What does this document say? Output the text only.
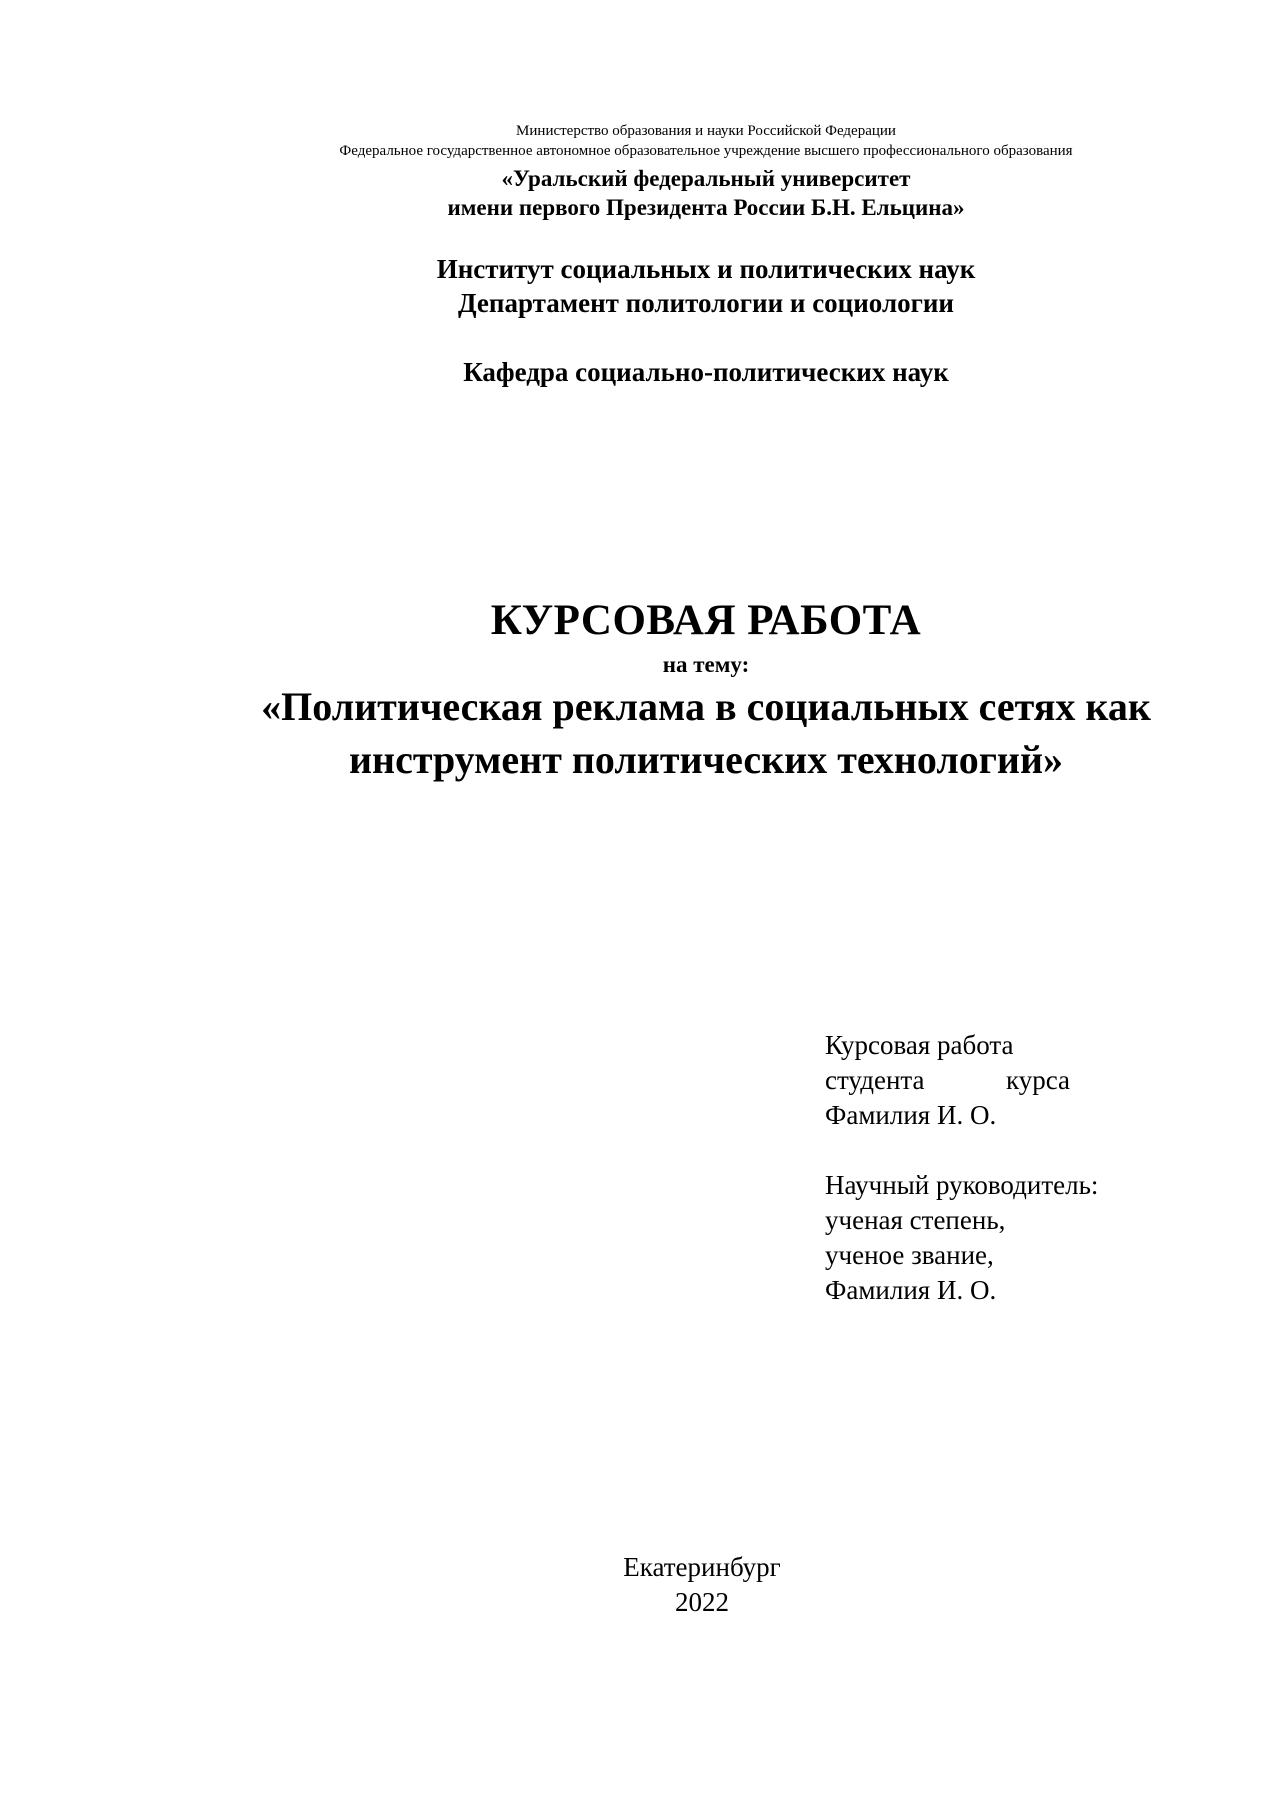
Министерство образования и науки Российской Федерации
Федеральное государственное автономное образовательное учреждение высшего профессионального образования
«Уральский федеральный университет
имени первого Президента России Б.Н. Ельцина»
Институт социальных и политических наук
Департамент политологии и социологии
Кафедра социально-политических наук
КУРСОВАЯ РАБОТА
на тему:
«Политическая реклама в социальных сетях как
инструмент политических технологий»
Курсовая работа
студента	курса
Фамилия И. О.
Научный руководитель:
ученая степень,
ученое звание,
Фамилия И. О.
Екатеринбург
2022
